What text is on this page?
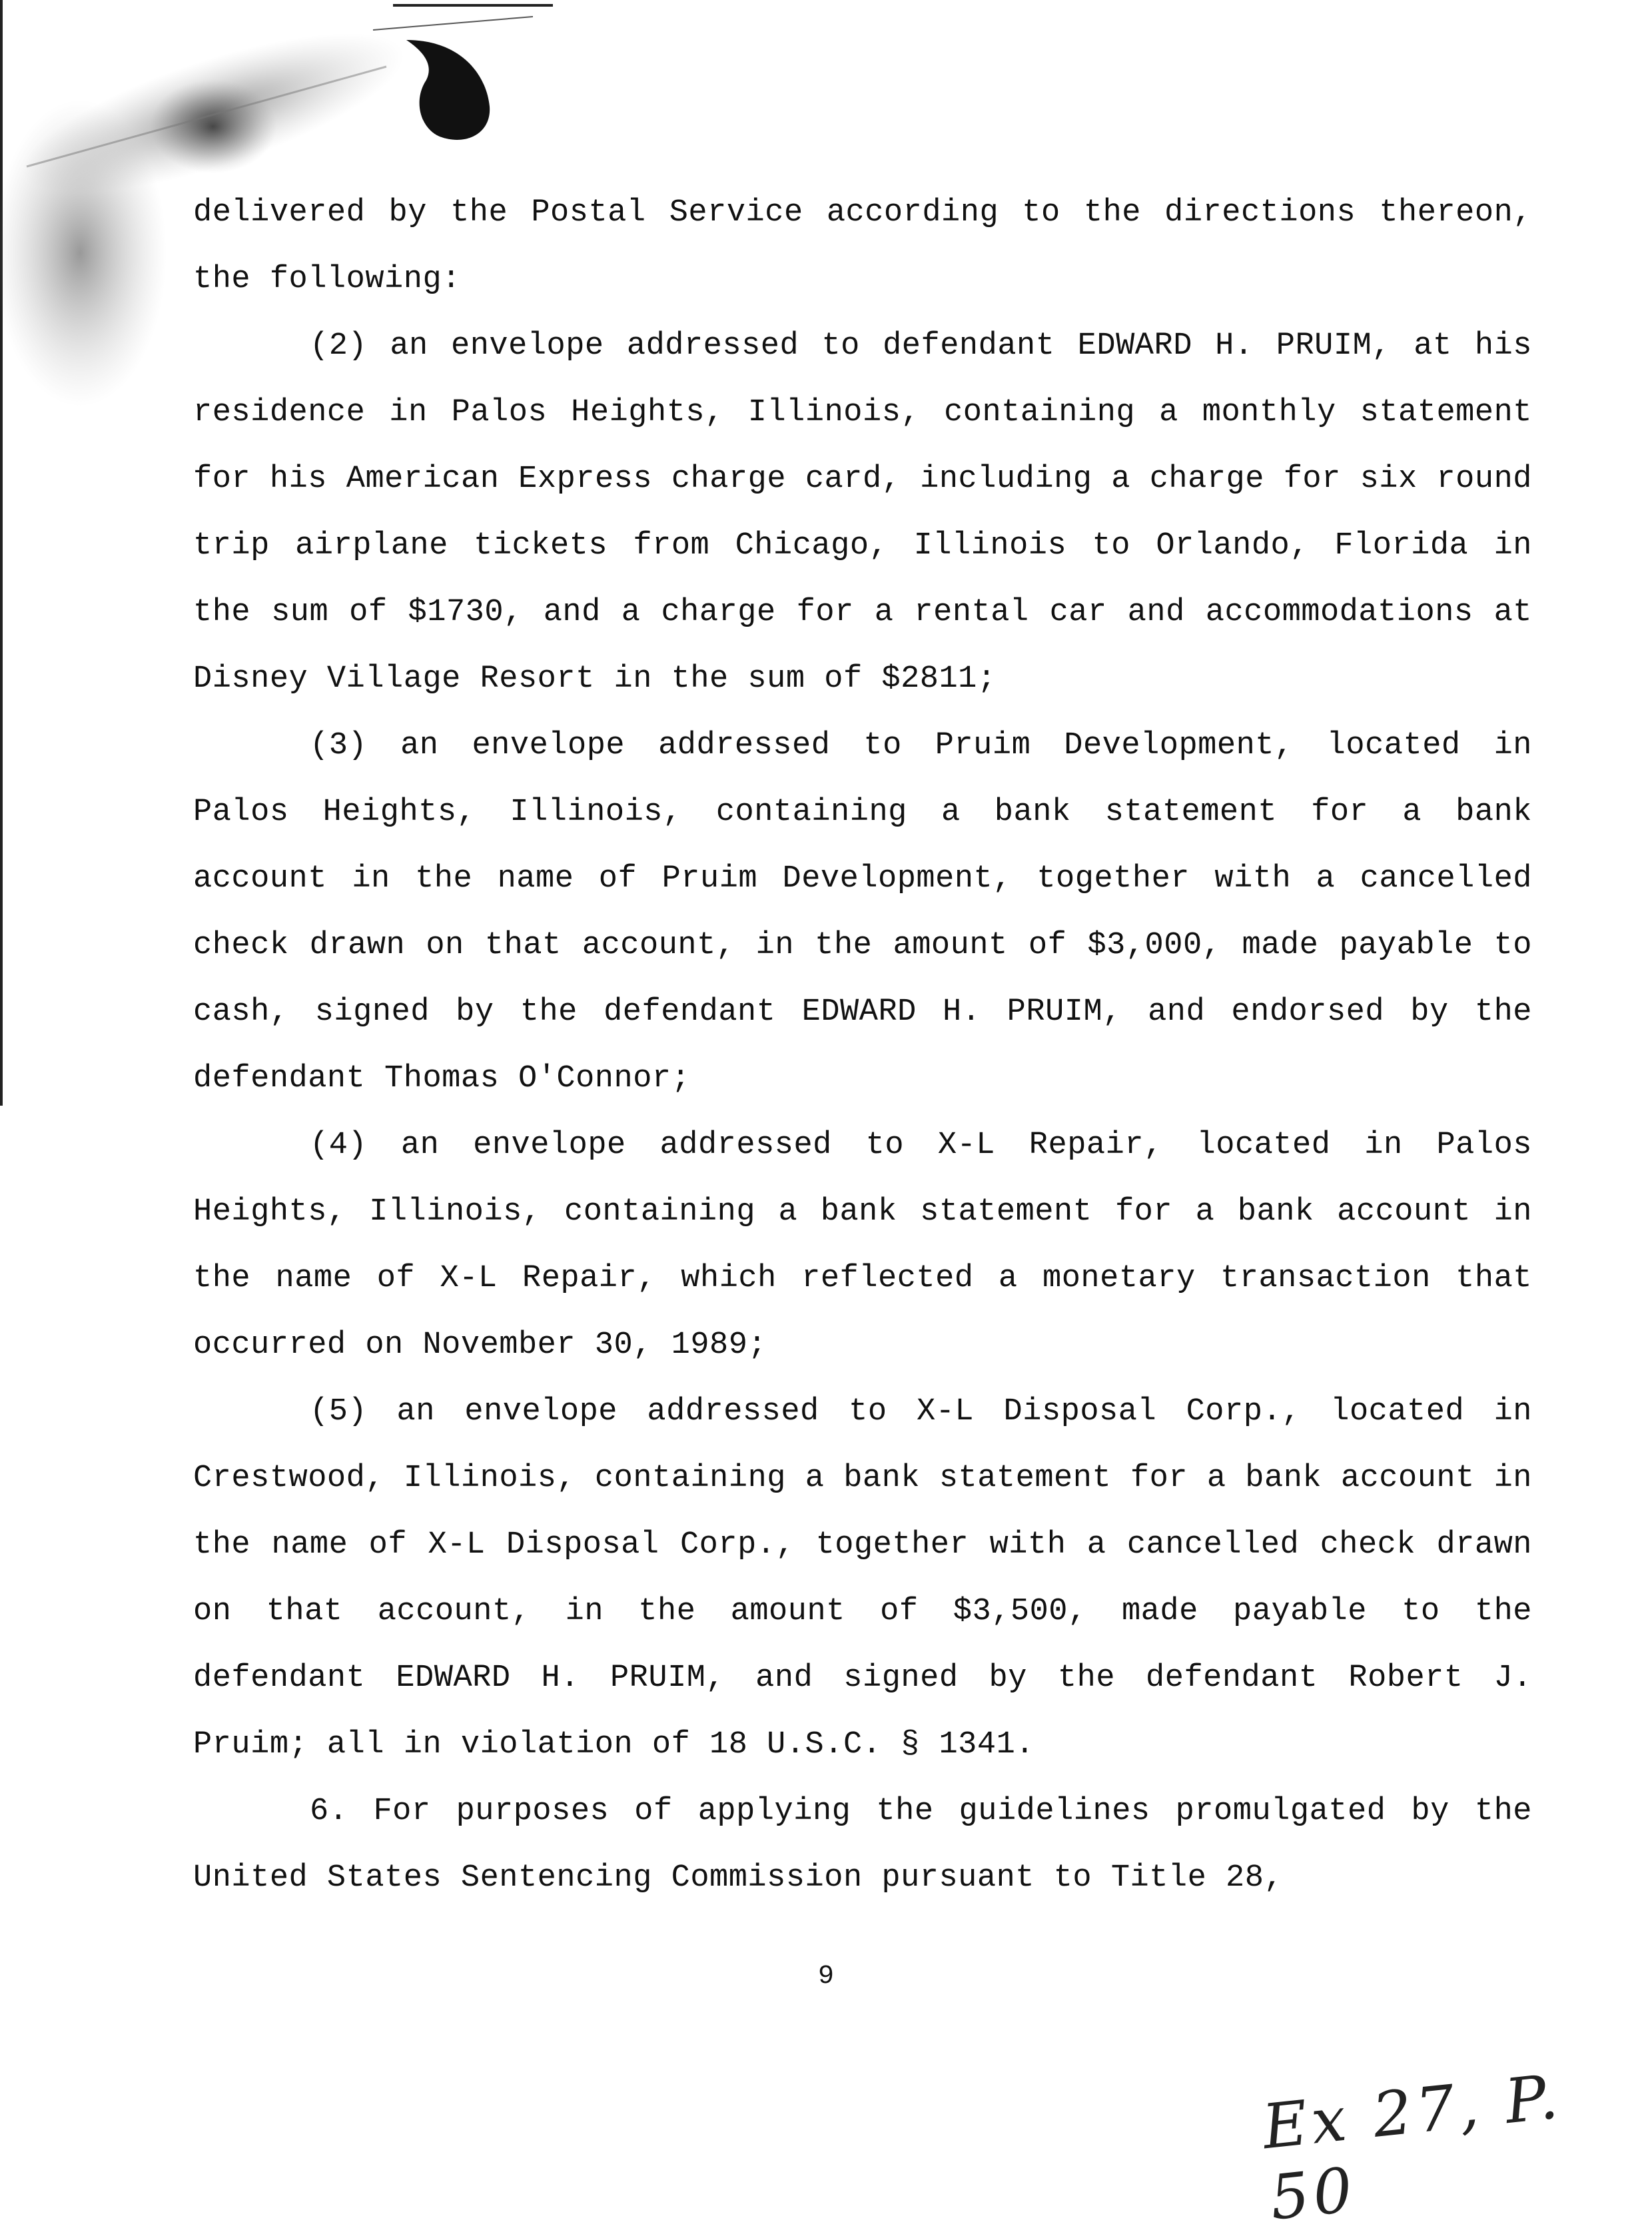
delivered by the Postal Service according to the directions thereon, the following:

(2) an envelope addressed to defendant EDWARD H. PRUIM, at his residence in Palos Heights, Illinois, containing a monthly statement for his American Express charge card, including a charge for six round trip airplane tickets from Chicago, Illinois to Orlando, Florida in the sum of $1730, and a charge for a rental car and accommodations at Disney Village Resort in the sum of $2811;

(3) an envelope addressed to Pruim Development, located in Palos Heights, Illinois, containing a bank statement for a bank account in the name of Pruim Development, together with a cancelled check drawn on that account, in the amount of $3,000, made payable to cash, signed by the defendant EDWARD H. PRUIM, and endorsed by the defendant Thomas O'Connor;

(4) an envelope addressed to X-L Repair, located in Palos Heights, Illinois, containing a bank statement for a bank account in the name of X-L Repair, which reflected a monetary transaction that occurred on November 30, 1989;

(5) an envelope addressed to X-L Disposal Corp., located in Crestwood, Illinois, containing a bank statement for a bank account in the name of X-L Disposal Corp., together with a cancelled check drawn on that account, in the amount of $3,500, made payable to the defendant EDWARD H. PRUIM, and signed by the defendant Robert J. Pruim; all in violation of 18 U.S.C. § 1341.

6. For purposes of applying the guidelines promulgated by the United States Sentencing Commission pursuant to Title 28,

9
Ex 27, P. 50
